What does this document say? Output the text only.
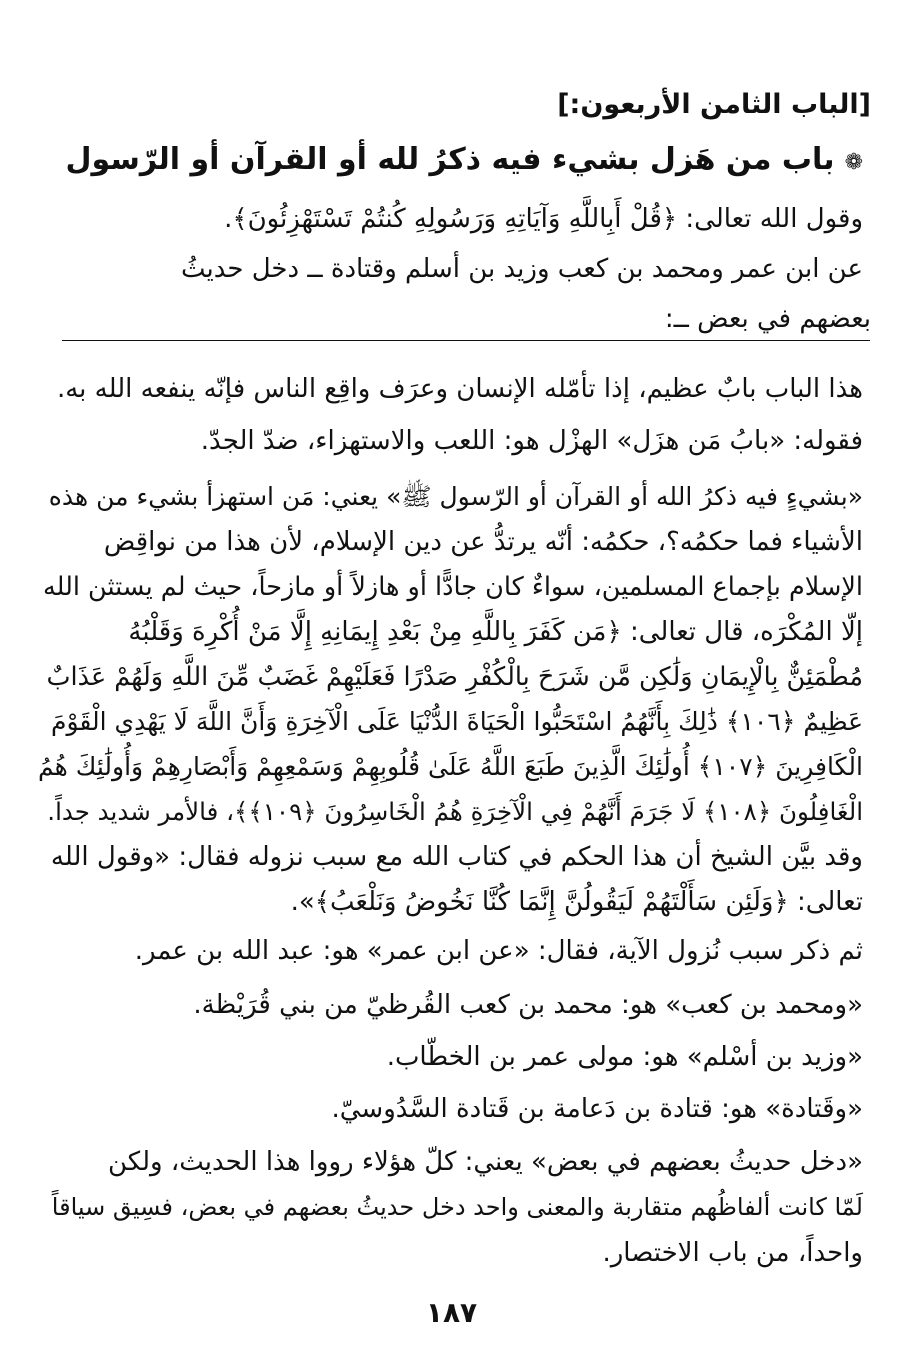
[الباب الثامن الأربعون:]
❁باب من هَزل بشيء فيه ذكرُ لله أو القرآن أو الرّسول
وقول الله تعالى: ﴿قُلْ أَبِاللَّهِ وَآيَاتِهِ وَرَسُولِهِ كُنتُمْ تَسْتَهْزِئُونَ﴾.
عن ابن عمر ومحمد بن كعب وزيد بن أسلم وقتادة ــ دخل حديثُ
بعضهم في بعض ــ:
هذا الباب بابٌ عظيم، إذا تأمّله الإنسان وعرَف واقِع الناس فإنّه ينفعه الله به.
فقوله: «بابُ مَن هزَل» الهزْل هو: اللعب والاستهزاء، ضدّ الجدّ.
«بشيءٍ فيه ذكرُ الله أو القرآن أو الرّسول ﷺ» يعني: مَن استهزأ بشيء من هذه
الأشياء فما حكمُه؟، حكمُه: أنّه يرتدُّ عن دين الإسلام، لأن هذا من نواقِض
الإسلام بإجماع المسلمين، سواءٌ كان جادًّا أو هازلاً أو مازحاً، حيث لم يستثن الله
إلّا المُكْرَه، قال تعالى: ﴿مَن كَفَرَ بِاللَّهِ مِنْ بَعْدِ إِيمَانِهِ إِلَّا مَنْ أُكْرِهَ وَقَلْبُهُ
مُطْمَئِنٌّ بِالْإِيمَانِ وَلَٰكِن مَّن شَرَحَ بِالْكُفْرِ صَدْرًا فَعَلَيْهِمْ غَضَبٌ مِّنَ اللَّهِ وَلَهُمْ عَذَابٌ
عَظِيمٌ ﴿١٠٦﴾ ذَٰلِكَ بِأَنَّهُمُ اسْتَحَبُّوا الْحَيَاةَ الدُّنْيَا عَلَى الْآخِرَةِ وَأَنَّ اللَّهَ لَا يَهْدِي الْقَوْمَ
الْكَافِرِينَ ﴿١٠٧﴾ أُولَٰئِكَ الَّذِينَ طَبَعَ اللَّهُ عَلَىٰ قُلُوبِهِمْ وَسَمْعِهِمْ وَأَبْصَارِهِمْ وَأُولَٰئِكَ هُمُ
الْغَافِلُونَ ﴿١٠٨﴾ لَا جَرَمَ أَنَّهُمْ فِي الْآخِرَةِ هُمُ الْخَاسِرُونَ ﴿١٠٩﴾﴾، فالأمر شديد جداً.
وقد بيَّن الشيخ أن هذا الحكم في كتاب الله مع سبب نزوله فقال: «وقول الله
تعالى: ﴿وَلَئِن سَأَلْتَهُمْ لَيَقُولُنَّ إِنَّمَا كُنَّا نَخُوضُ وَنَلْعَبُ﴾».
ثم ذكر سبب نُزول الآية، فقال: «عن ابن عمر» هو: عبد الله بن عمر.
«ومحمد بن كعب» هو: محمد بن كعب القُرظيّ من بني قُرَيْظة.
«وزيد بن أسْلم» هو: مولى عمر بن الخطّاب.
«وقَتادة» هو: قتادة بن دَعامة بن قَتادة السَّدُوسيّ.
«دخل حديثُ بعضهم في بعض» يعني: كلّ هؤلاء رووا هذا الحديث، ولكن
لَمّا كانت ألفاظُهم متقاربة والمعنى واحد دخل حديثُ بعضهم في بعض، فسِيق سياقاً
واحداً، من باب الاختصار.
١٨٧
